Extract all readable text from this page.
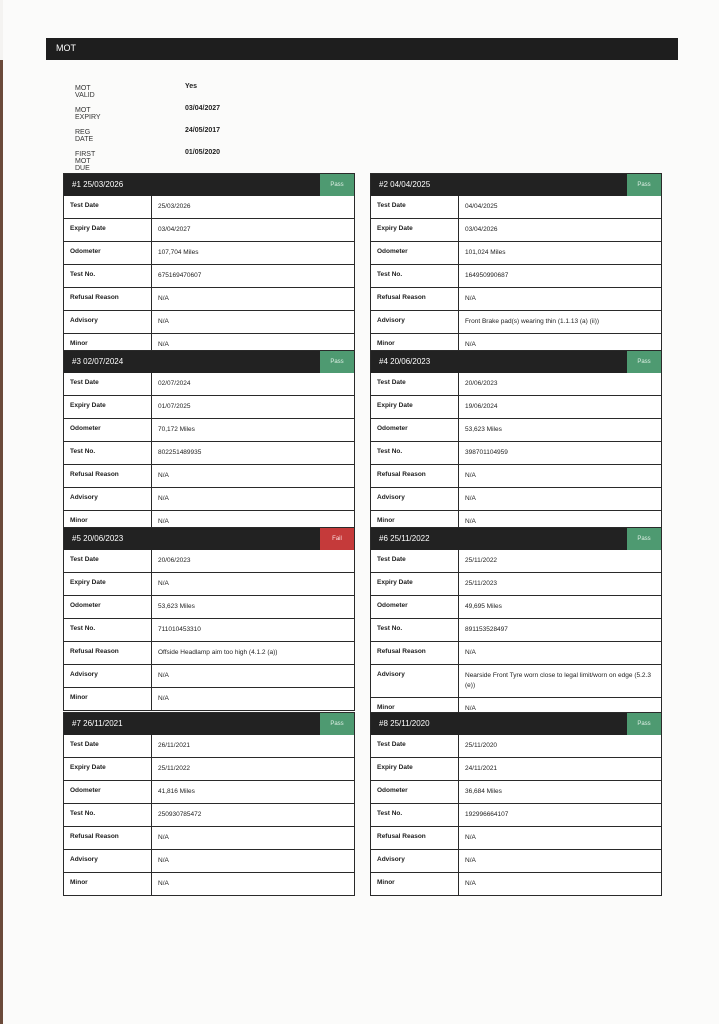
MOT
MOT VALID
Yes
MOT EXPIRY
03/04/2027
REG DATE
24/05/2017
FIRST MOT DUE
01/05/2020
#1 25/03/2026	Pass
Test Date	25/03/2026
Expiry Date	03/04/2027
Odometer	107,704 Miles
Test No.	675169470607
Refusal Reason	N/A
Advisory	N/A
Minor	N/A
#2 04/04/2025	Pass
Test Date	04/04/2025
Expiry Date	03/04/2026
Odometer	101,024 Miles
Test No.	164950990687
Refusal Reason	N/A
Advisory	Front Brake pad(s) wearing thin (1.1.13 (a) (ii))
Minor	N/A
#3 02/07/2024	Pass
Test Date	02/07/2024
Expiry Date	01/07/2025
Odometer	70,172 Miles
Test No.	802251489935
Refusal Reason	N/A
Advisory	N/A
Minor	N/A
#4 20/06/2023	Pass
Test Date	20/06/2023
Expiry Date	19/06/2024
Odometer	53,623 Miles
Test No.	398701104959
Refusal Reason	N/A
Advisory	N/A
Minor	N/A
#5 20/06/2023	Fail
Test Date	20/06/2023
Expiry Date	N/A
Odometer	53,623 Miles
Test No.	711010453310
Refusal Reason	Offside Headlamp aim too high (4.1.2 (a))
Advisory	N/A
Minor	N/A
#6 25/11/2022	Pass
Test Date	25/11/2022
Expiry Date	25/11/2023
Odometer	49,695 Miles
Test No.	891153528497
Refusal Reason	N/A
Advisory	Nearside Front Tyre worn close to legal limit/worn on edge (5.2.3 (e))
Minor	N/A
#7 26/11/2021	Pass
Test Date	26/11/2021
Expiry Date	25/11/2022
Odometer	41,816 Miles
Test No.	250930785472
Refusal Reason	N/A
Advisory	N/A
Minor	N/A
#8 25/11/2020	Pass
Test Date	25/11/2020
Expiry Date	24/11/2021
Odometer	36,684 Miles
Test No.	192996664107
Refusal Reason	N/A
Advisory	N/A
Minor	N/A
